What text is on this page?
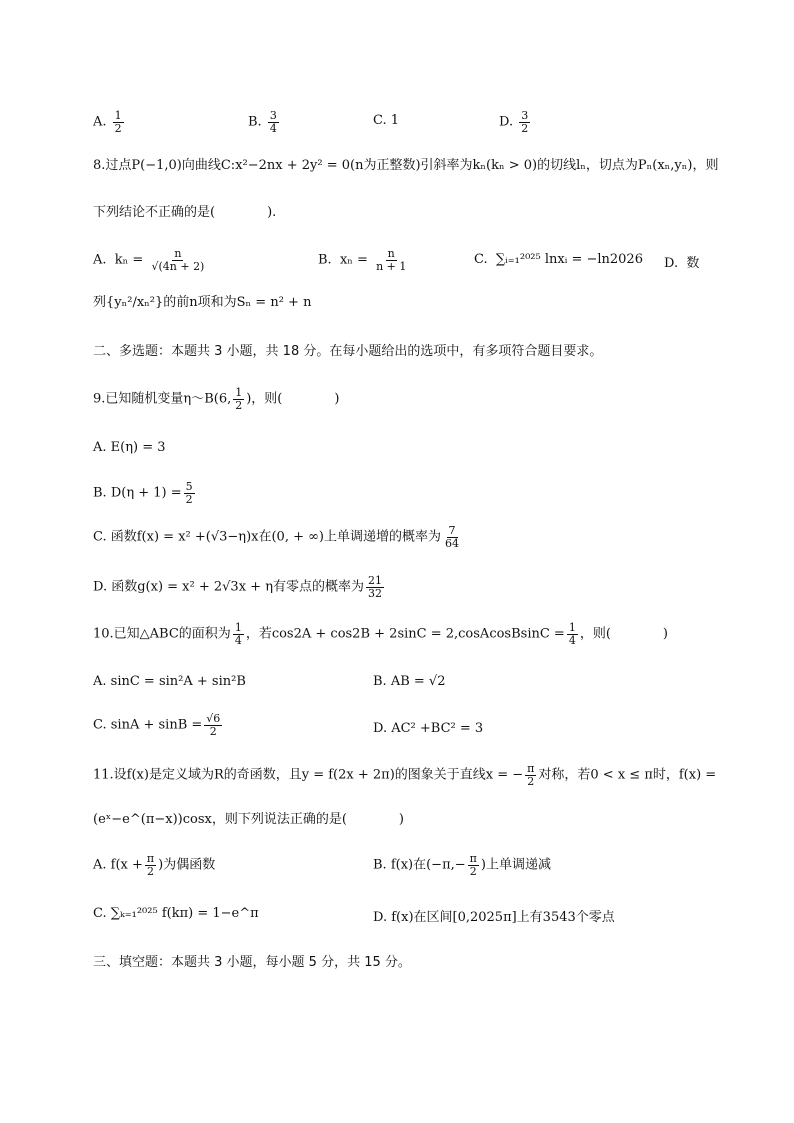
A. $\frac{1}{2}$	B. $\frac{3}{4}$	C. 1	D. $\frac{3}{2}$
8.过点P(−1,0)向曲线C:x²−2nx + 2y² = 0(n为正整数)引斜率为kₙ(kₙ > 0)的切线lₙ，切点为Pₙ(xₙ,yₙ)，则
下列结论不正确的是(　　　　).
A. $k_n = \frac{n}{√(4n + 2)}$	B. $x_n = \frac{n}{n + 1}$	C. ∑ᵢ₌₁²⁰²⁵ lnxᵢ = −ln2026 D. 数
列{yₙ²/xₙ²}的前n项和为Sₙ = n² + n
二、多选题：本题共 3 小题，共 18 分。在每小题给出的选项中，有多项符合题目要求。
9.已知随机变量η～B(6, $\frac{1}{2}$ )，则(　　　　)
A. E(η) = 3
B. $D(\eta + 1) = \frac{5}{2}$
C. 函数f(x) = x² +(√3−η)x在(0, + ∞)上单调递增的概率为 $\frac{7}{64}$
D. 函数g(x) = x² + 2√3x + η有零点的概率为 $\frac{21}{32}$
10.已知△ABC的面积为 $\frac{1}{4}$ ，若cos2A + cos2B + 2sinC = 2,cosAcosBsinC = $\frac{1}{4}$ ，则(　　　　)
A. sinC = sin²A + sin²B	B. AB = √2
C. $\sin A + \sin B = \frac{√6}{2}$	D. AC² +BC² = 3
11.设f(x)是定义域为R的奇函数，且y = f(2x + 2π)的图象关于直线x = − $\frac{\pi}{2}$ 对称，若0 < x ≤ π时，f(x) =
(eˣ−e^(π−x))cosx，则下列说法正确的是(　　　　)
A. $f(x + \frac{\pi}{2}$ )为偶函数	B. f(x)在($-\pi,- \frac{\pi}{2}$ )上单调递减
C. ∑ₖ₌₁²⁰²⁵ f(kπ) = 1−e^π	D. f(x)在区间[0,2025π]上有3543个零点
三、填空题：本题共 3 小题，每小题 5 分，共 15 分。
